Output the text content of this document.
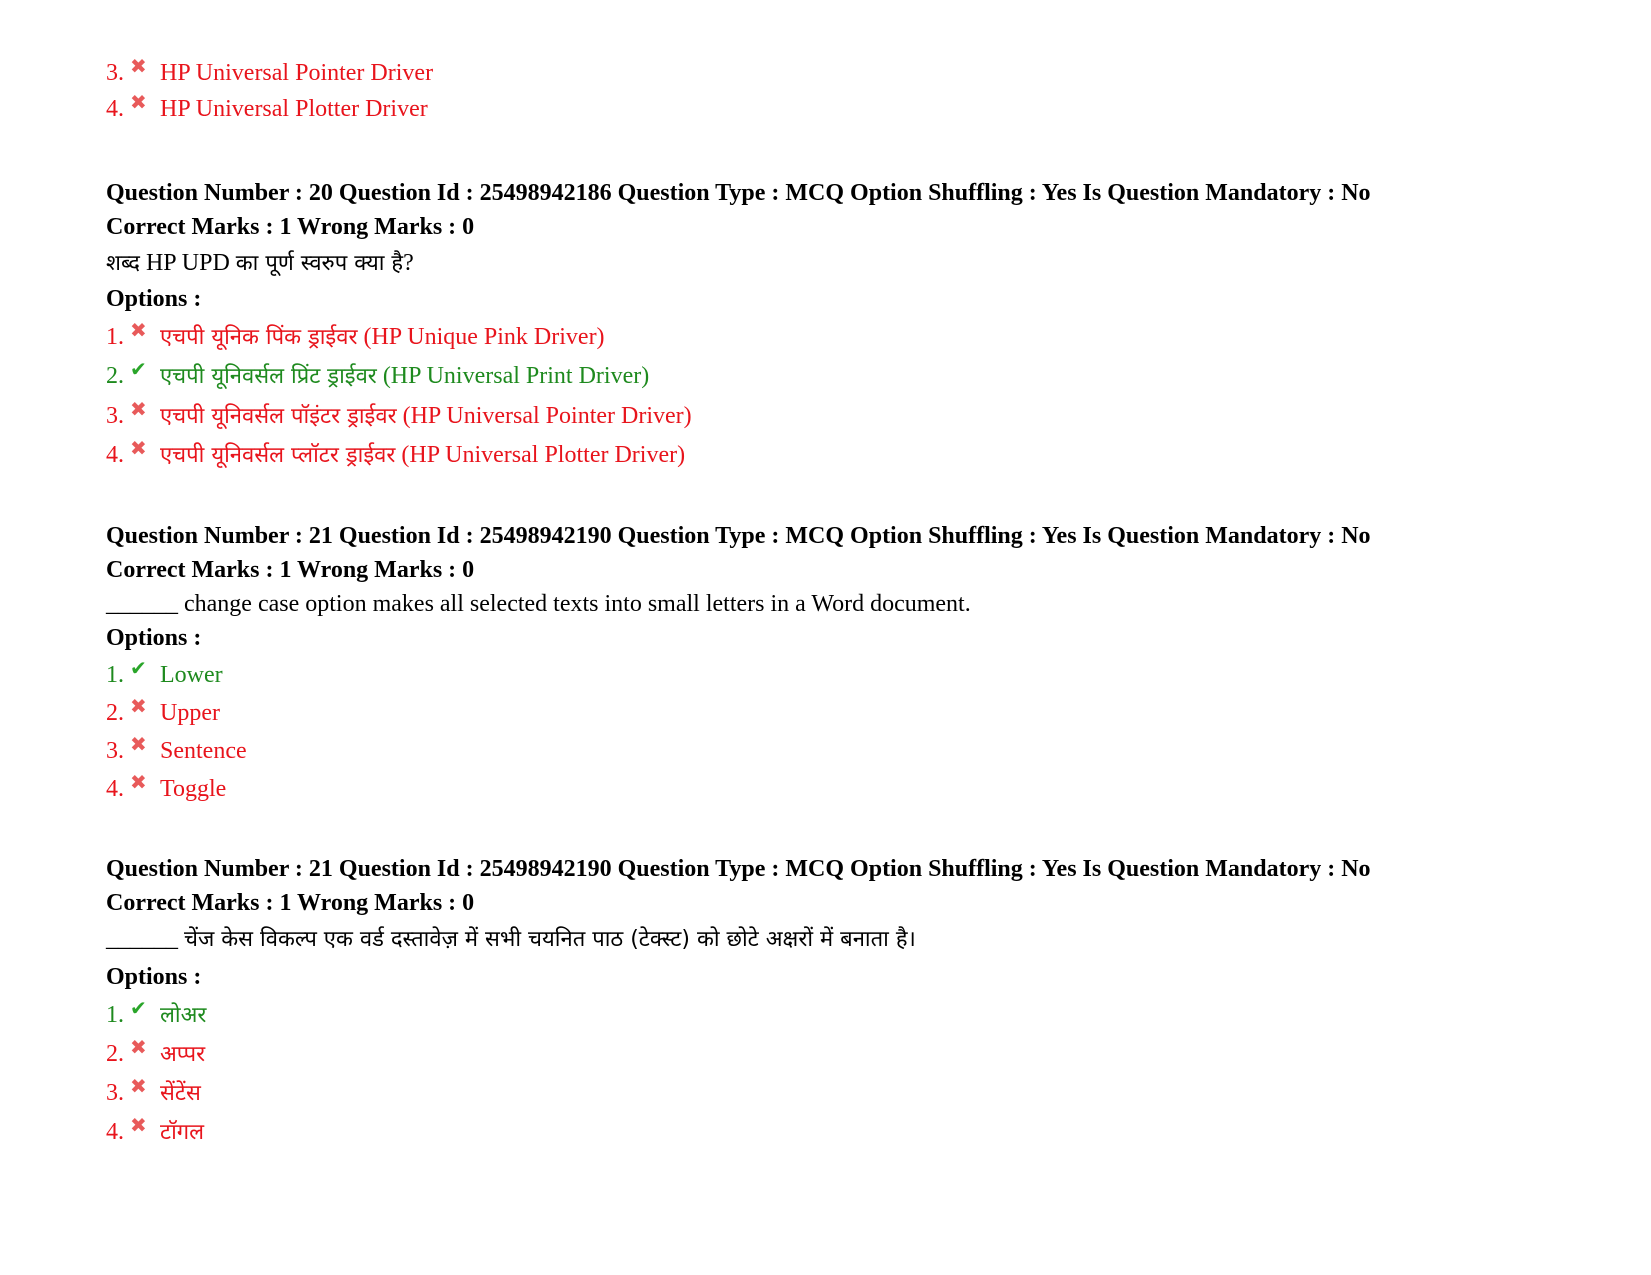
3. ✖ HP Universal Pointer Driver
4. ✖ HP Universal Plotter Driver
Question Number : 20 Question Id : 25498942186 Question Type : MCQ Option Shuffling : Yes Is Question Mandatory : No
Correct Marks : 1 Wrong Marks : 0
शब्द HP UPD का पूर्ण स्वरुप क्या है?
Options :
1. ✖ एचपी यूनिक पिंक ड्राईवर (HP Unique Pink Driver)
2. ✔ एचपी यूनिवर्सल प्रिंट ड्राईवर (HP Universal Print Driver)
3. ✖ एचपी यूनिवर्सल पॉइंटर ड्राईवर (HP Universal Pointer Driver)
4. ✖ एचपी यूनिवर्सल प्लॉटर ड्राईवर (HP Universal Plotter Driver)
Question Number : 21 Question Id : 25498942190 Question Type : MCQ Option Shuffling : Yes Is Question Mandatory : No
Correct Marks : 1 Wrong Marks : 0
______ change case option makes all selected texts into small letters in a Word document.
Options :
1. ✔ Lower
2. ✖ Upper
3. ✖ Sentence
4. ✖ Toggle
Question Number : 21 Question Id : 25498942190 Question Type : MCQ Option Shuffling : Yes Is Question Mandatory : No
Correct Marks : 1 Wrong Marks : 0
______ चेंज केस विकल्प एक वर्ड दस्तावेज़ में सभी चयनित पाठ (टेक्स्ट) को छोटे अक्षरों में बनाता है।
Options :
1. ✔ लोअर
2. ✖ अप्पर
3. ✖ सेंटेंस
4. ✖ टॉगल
